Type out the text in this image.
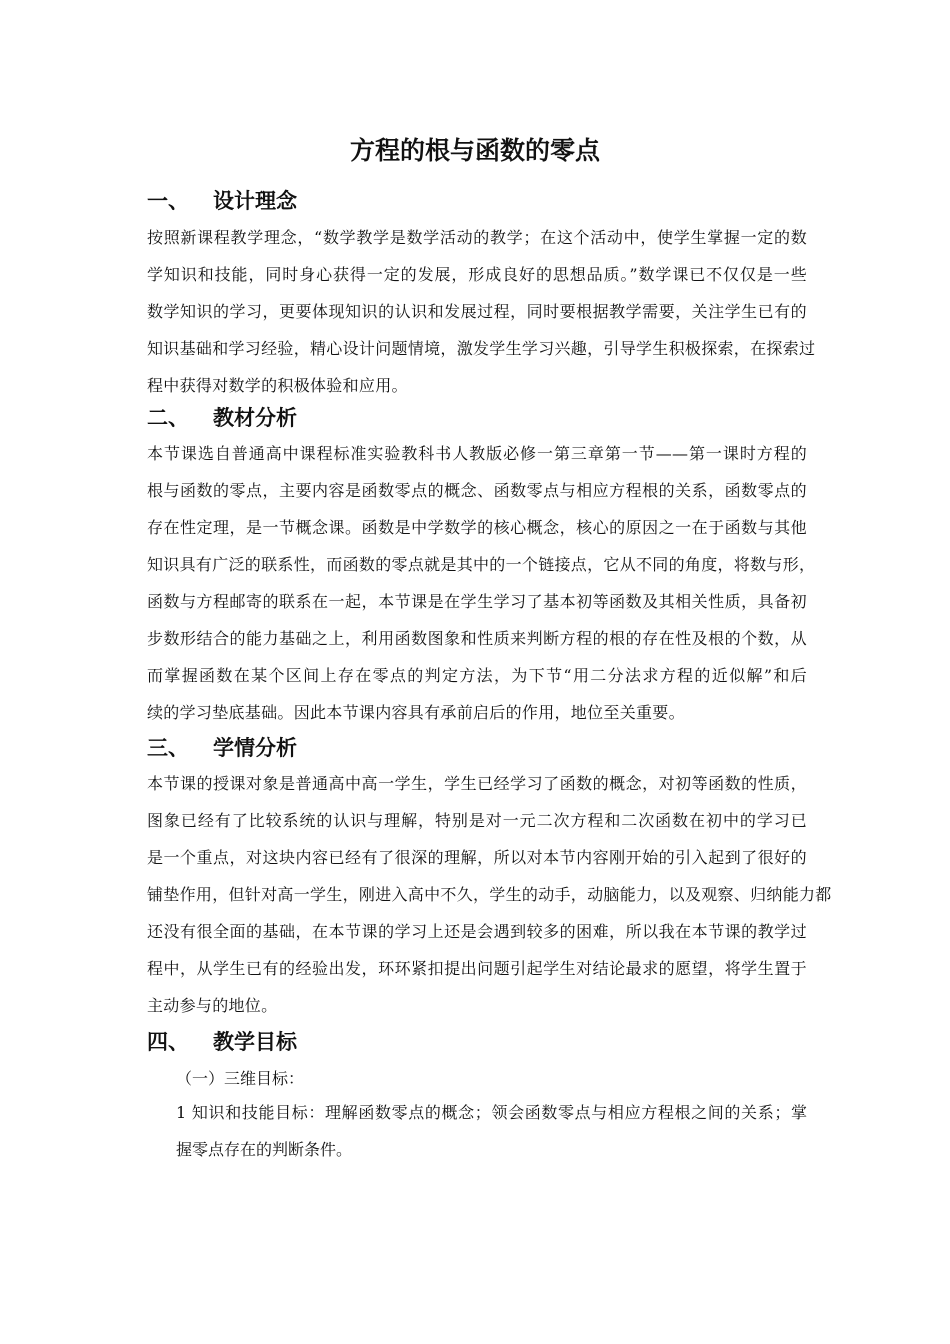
方程的根与函数的零点
一、 设计理念
按照新课程教学理念，“数学教学是数学活动的教学；在这个活动中，使学生掌握一定的数
学知识和技能，同时身心获得一定的发展，形成良好的思想品质。”数学课已不仅仅是一些
数学知识的学习，更要体现知识的认识和发展过程，同时要根据教学需要，关注学生已有的
知识基础和学习经验，精心设计问题情境，激发学生学习兴趣，引导学生积极探索，在探索过
程中获得对数学的积极体验和应用。
二、 教材分析
本节课选自普通高中课程标准实验教科书人教版必修一第三章第一节——第一课时方程的
根与函数的零点，主要内容是函数零点的概念、函数零点与相应方程根的关系，函数零点的
存在性定理，是一节概念课。函数是中学数学的核心概念，核心的原因之一在于函数与其他
知识具有广泛的联系性，而函数的零点就是其中的一个链接点，它从不同的角度，将数与形，
函数与方程邮寄的联系在一起，本节课是在学生学习了基本初等函数及其相关性质，具备初
步数形结合的能力基础之上，利用函数图象和性质来判断方程的根的存在性及根的个数，从
而掌握函数在某个区间上存在零点的判定方法，为下节“用二分法求方程的近似解”和后
续的学习垫底基础。因此本节课内容具有承前启后的作用，地位至关重要。
三、 学情分析
本节课的授课对象是普通高中高一学生，学生已经学习了函数的概念，对初等函数的性质，
图象已经有了比较系统的认识与理解，特别是对一元二次方程和二次函数在初中的学习已
是一个重点，对这块内容已经有了很深的理解，所以对本节内容刚开始的引入起到了很好的
铺垫作用，但针对高一学生，刚进入高中不久，学生的动手，动脑能力，以及观察、归纳能力都
还没有很全面的基础，在本节课的学习上还是会遇到较多的困难，所以我在本节课的教学过
程中，从学生已有的经验出发，环环紧扣提出问题引起学生对结论最求的愿望，将学生置于
主动参与的地位。
四、 教学目标
（一）三维目标：
1 知识和技能目标：理解函数零点的概念；领会函数零点与相应方程根之间的关系；掌
握零点存在的判断条件。
